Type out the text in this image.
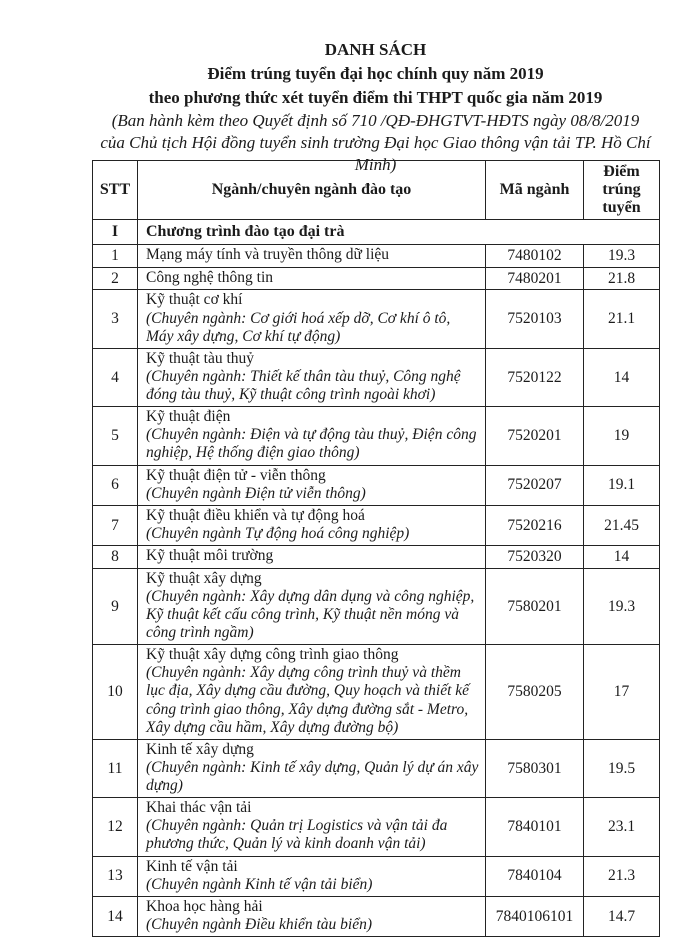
DANH SÁCH
Điểm trúng tuyển đại học chính quy năm 2019
theo phương thức xét tuyển điểm thi THPT quốc gia năm 2019
(Ban hành kèm theo Quyết định số 710 /QĐ-ĐHGTVT-HĐTS ngày 08/8/2019
của Chủ tịch Hội đồng tuyển sinh trường Đại học Giao thông vận tải TP. Hồ Chí Minh)
STT	Ngành/chuyên ngành đào tạo	Mã ngành	Điểm trúng tuyển
I	Chương trình đào tạo đại trà		
1	Mạng máy tính và truyền thông dữ liệu	7480102	19.3
2	Công nghệ thông tin	7480201	21.8
3	Kỹ thuật cơ khí
(Chuyên ngành: Cơ giới hoá xếp dỡ, Cơ khí ô tô, Máy xây dựng, Cơ khí tự động)	7520103	21.1
4	Kỹ thuật tàu thuỷ
(Chuyên ngành: Thiết kế thân tàu thuỷ, Công nghệ đóng tàu thuỷ, Kỹ thuật công trình ngoài khơi)	7520122	14
5	Kỹ thuật điện
(Chuyên ngành: Điện và tự động tàu thuỷ, Điện công nghiệp, Hệ thống điện giao thông)	7520201	19
6	Kỹ thuật điện tử - viễn thông
(Chuyên ngành Điện tử viễn thông)	7520207	19.1
7	Kỹ thuật điều khiển và tự động hoá
(Chuyên ngành Tự động hoá công nghiệp)	7520216	21.45
8	Kỹ thuật môi trường	7520320	14
9	Kỹ thuật xây dựng
(Chuyên ngành: Xây dựng dân dụng và công nghiệp, Kỹ thuật kết cấu công trình, Kỹ thuật nền móng và công trình ngầm)	7580201	19.3
10	Kỹ thuật xây dựng công trình giao thông
(Chuyên ngành: Xây dựng công trình thuỷ và thềm lục địa, Xây dựng cầu đường, Quy hoạch và thiết kế công trình giao thông, Xây dựng đường sắt - Metro, Xây dựng cầu hầm, Xây dựng đường bộ)	7580205	17
11	Kinh tế xây dựng
(Chuyên ngành: Kinh tế xây dựng, Quản lý dự án xây dựng)	7580301	19.5
12	Khai thác vận tải
(Chuyên ngành: Quản trị Logistics và vận tải đa phương thức, Quản lý và kinh doanh vận tải)	7840101	23.1
13	Kinh tế vận tải
(Chuyên ngành Kinh tế vận tải biển)	7840104	21.3
14	Khoa học hàng hải
(Chuyên ngành Điều khiển tàu biển)	7840106101	14.7
